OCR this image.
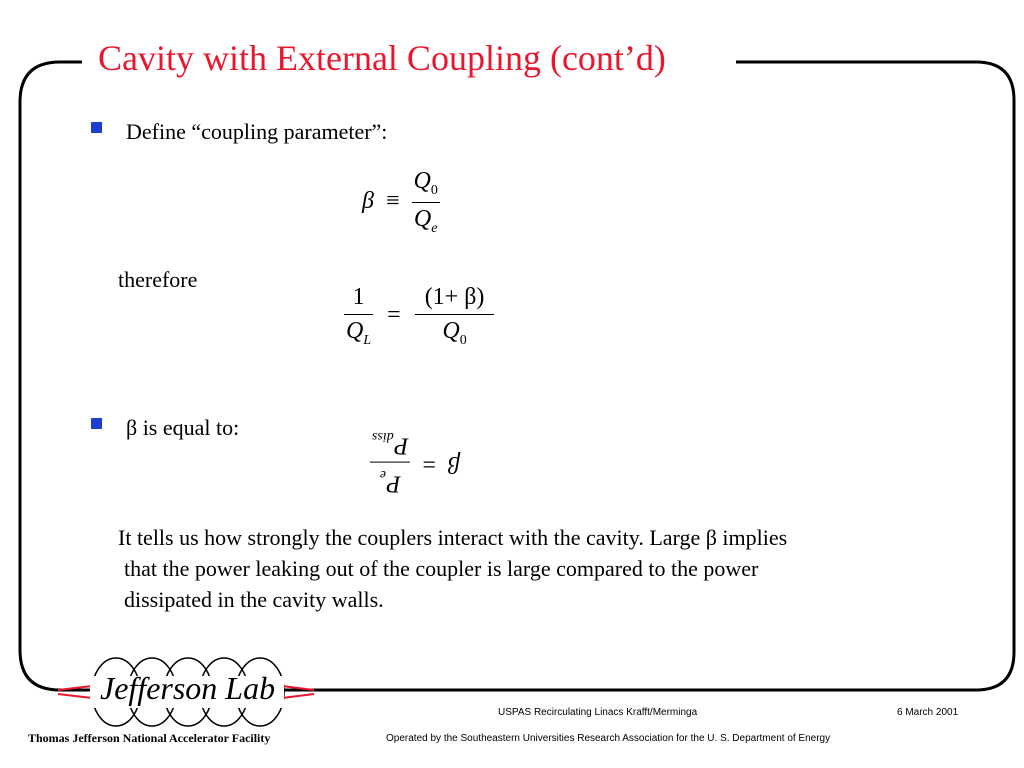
Cavity with External Coupling (cont’d)
Define “coupling parameter”:
$\beta \equiv \frac{Q_0}{Q_e}$
therefore
$\frac{1}{Q_L} = \frac{(1+ \beta)}{Q_0}$
β is equal to:
β =
$P_e$
$P_{diss}$
It tells us how strongly the couplers interact with the cavity. Large β implies
that the power leaking out of the coupler is large compared to the power
dissipated in the cavity walls.
Jefferson Lab
Thomas Jefferson National Accelerator Facility
USPAS Recirculating Linacs Krafft/Merminga	6 March 2001
Operated by the Southeastern Universities Research Association for the U. S. Department of Energy
